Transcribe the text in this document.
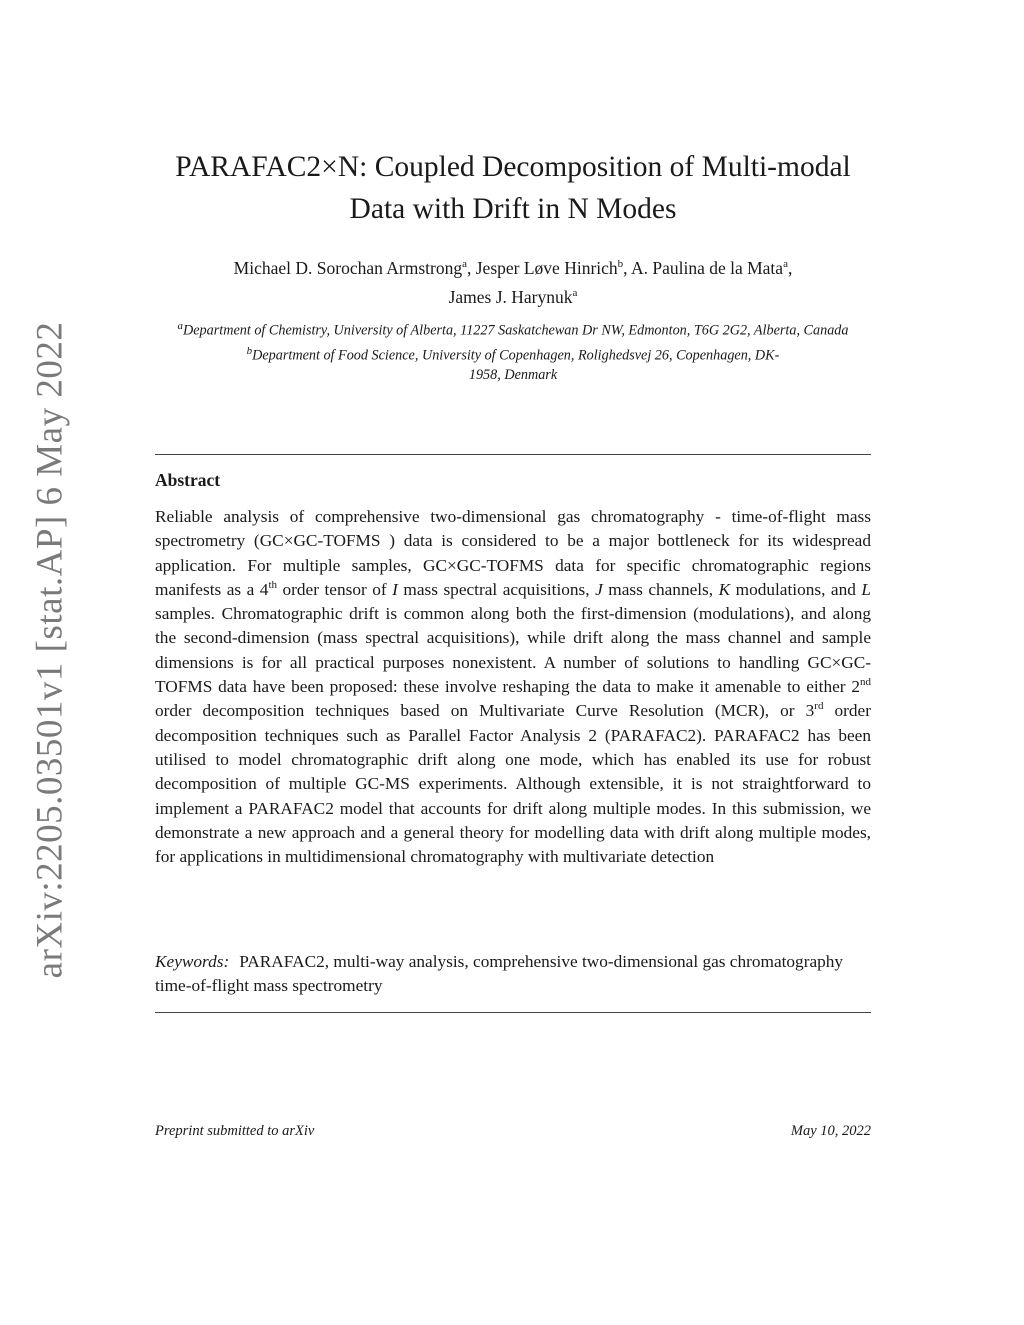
arXiv:2205.03501v1 [stat.AP] 6 May 2022
PARAFAC2×N: Coupled Decomposition of Multi-modal
Data with Drift in N Modes
Michael D. Sorochan Armstrong$^a$, Jesper Løve Hinrich$^b$, A. Paulina de la Mata$^a$,
James J. Harynuk$^a$

$^a$Department of Chemistry, University of Alberta, 11227 Saskatchewan Dr NW, Edmonton, T6G 2G2, Alberta, Canada

$^b$Department of Food Science, University of Copenhagen, Rolighedsvej 26, Copenhagen, DK-1958, Denmark

Abstract

Reliable analysis of comprehensive two-dimensional gas chromatography - time-of-flight mass spectrometry (GC×GC-TOFMS ) data is considered to be a major bottleneck for its widespread application. For multiple samples, GC×GC-TOFMS data for specific chromatographic regions manifests as a 4th order tensor of I mass spectral acquisitions, J mass channels, K modulations, and L samples. Chromatographic drift is common along both the first-dimension (modulations), and along the second-dimension (mass spectral acquisitions), while drift along the mass channel and sample dimensions is for all practical purposes nonexistent. A number of solutions to handling GC×GC-TOFMS data have been proposed: these involve reshaping the data to make it amenable to either 2nd order decomposition techniques based on Multivariate Curve Resolution (MCR), or 3rd order decomposition techniques such as Parallel Factor Analysis 2 (PARAFAC2). PARAFAC2 has been utilised to model chromatographic drift along one mode, which has enabled its use for robust decomposition of multiple GC-MS experiments. Although extensible, it is not straightforward to implement a PARAFAC2 model that accounts for drift along multiple modes. In this submission, we demonstrate a new approach and a general theory for modelling data with drift along multiple modes, for applications in multidimensional chromatography with multivariate detection

Keywords: PARAFAC2, multi-way analysis, comprehensive two-dimensional gas chromatography time-of-flight mass spectrometry

Preprint submitted to arXiv	May 10, 2022
